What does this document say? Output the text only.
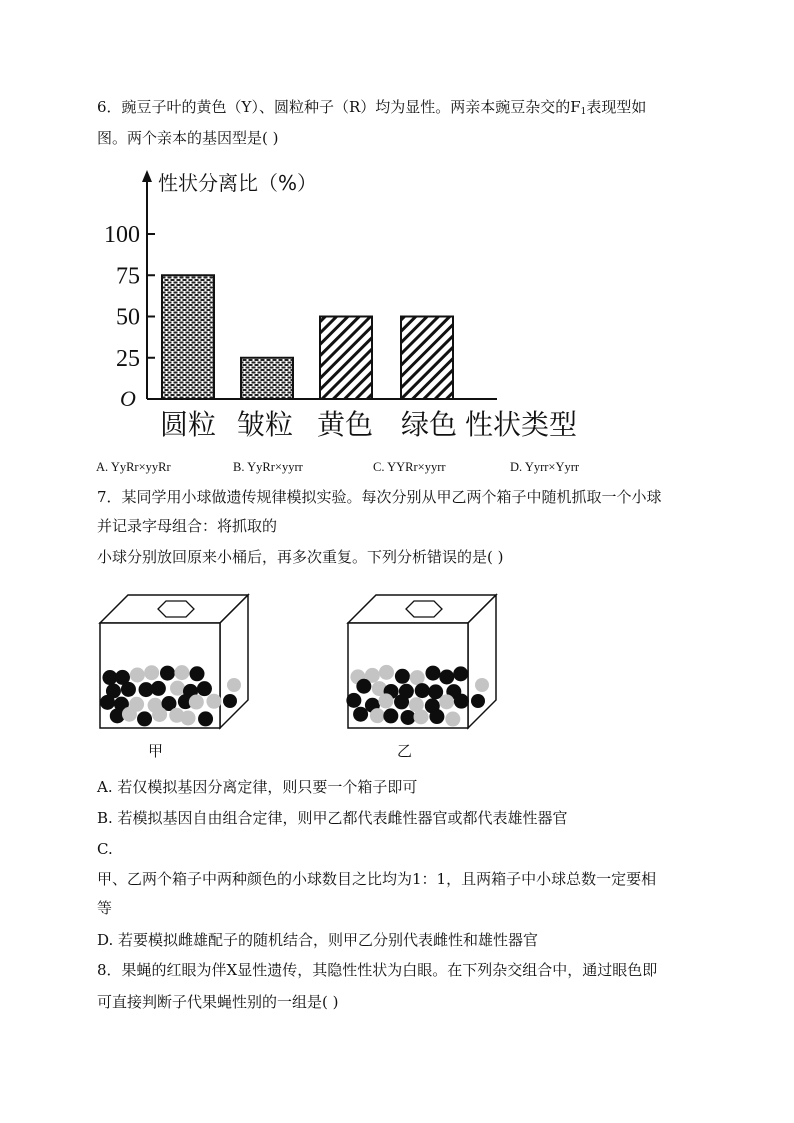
6．豌豆子叶的黄色（Y）、圆粒种子（R）均为显性。两亲本豌豆杂交的$F_1$表现型如
图。两个亲本的基因型是( )
性状分离比（%）
O
100
75
50
25
圆粒 皱粒 黄色 绿色 性状类型
A. YyRr×yyRr	B. YyRr×yyrr	C. YYRr×yyrr	D. Yyrr×Yyrr
7．某同学用小球做遗传规律模拟实验。每次分别从甲乙两个箱子中随机抓取一个小球
并记录字母组合：将抓取的
小球分别放回原来小桶后，再多次重复。下列分析错误的是( )
甲	乙
A. 若仅模拟基因分离定律，则只要一个箱子即可
B. 若模拟基因自由组合定律，则甲乙都代表雌性器官或都代表雄性器官
C.
甲、乙两个箱子中两种颜色的小球数目之比均为1：1，且两箱子中小球总数一定要相
等
D. 若要模拟雌雄配子的随机结合，则甲乙分别代表雌性和雄性器官
8．果蝇的红眼为伴X显性遗传，其隐性性状为白眼。在下列杂交组合中，通过眼色即
可直接判断子代果蝇性别的一组是( )
